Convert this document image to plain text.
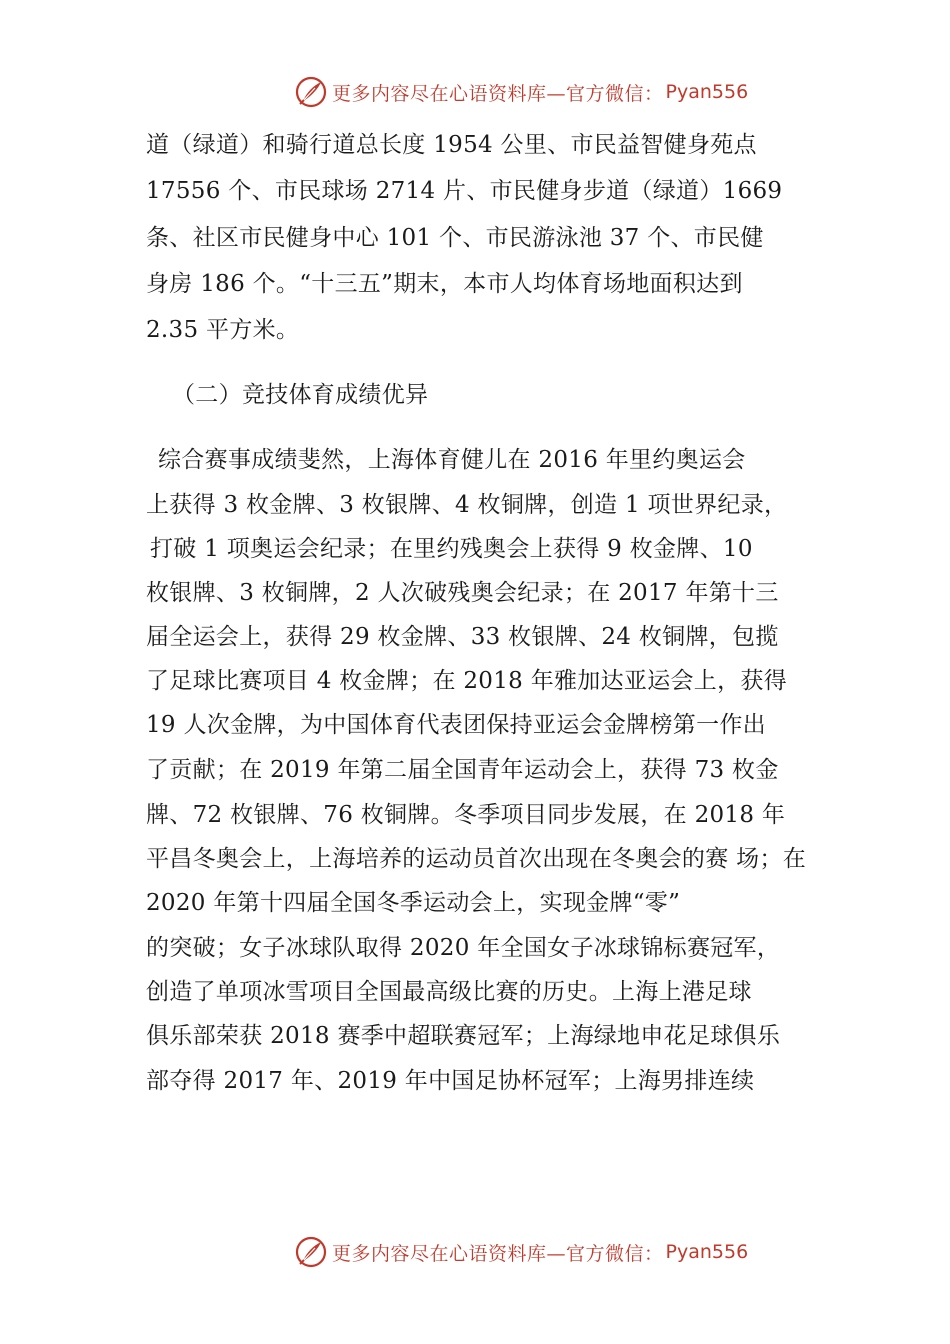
更多内容尽在心语资料库—官方微信： Pyan556
道（绿道）和骑行道总长度 1954 公里、市民益智健身苑点
17556 个、市民球场 2714 片、市民健身步道（绿道）1669
条、社区市民健身中心 101 个、市民游泳池 37 个、市民健
身房 186 个。“十三五”期末，本市人均体育场地面积达到
2.35 平方米。
（二）竞技体育成绩优异
综合赛事成绩斐然，上海体育健儿在 2016 年里约奥运会
上获得 3 枚金牌、3 枚银牌、4 枚铜牌，创造 1 项世界纪录，
打破 1 项奥运会纪录；在里约残奥会上获得 9 枚金牌、10
枚银牌、3 枚铜牌，2 人次破残奥会纪录；在 2017 年第十三
届全运会上，获得 29 枚金牌、33 枚银牌、24 枚铜牌，包揽
了足球比赛项目 4 枚金牌；在 2018 年雅加达亚运会上，获得
19 人次金牌，为中国体育代表团保持亚运会金牌榜第一作出
了贡献；在 2019 年第二届全国青年运动会上，获得 73 枚金
牌、72 枚银牌、76 枚铜牌。冬季项目同步发展，在 2018 年
平昌冬奥会上，上海培养的运动员首次出现在冬奥会的赛 场；在
2020 年第十四届全国冬季运动会上，实现金牌“零”
的突破；女子冰球队取得 2020 年全国女子冰球锦标赛冠军，
创造了单项冰雪项目全国最高级比赛的历史。上海上港足球
俱乐部荣获 2018 赛季中超联赛冠军；上海绿地申花足球俱乐
部夺得 2017 年、2019 年中国足协杯冠军；上海男排连续
更多内容尽在心语资料库—官方微信： Pyan556
